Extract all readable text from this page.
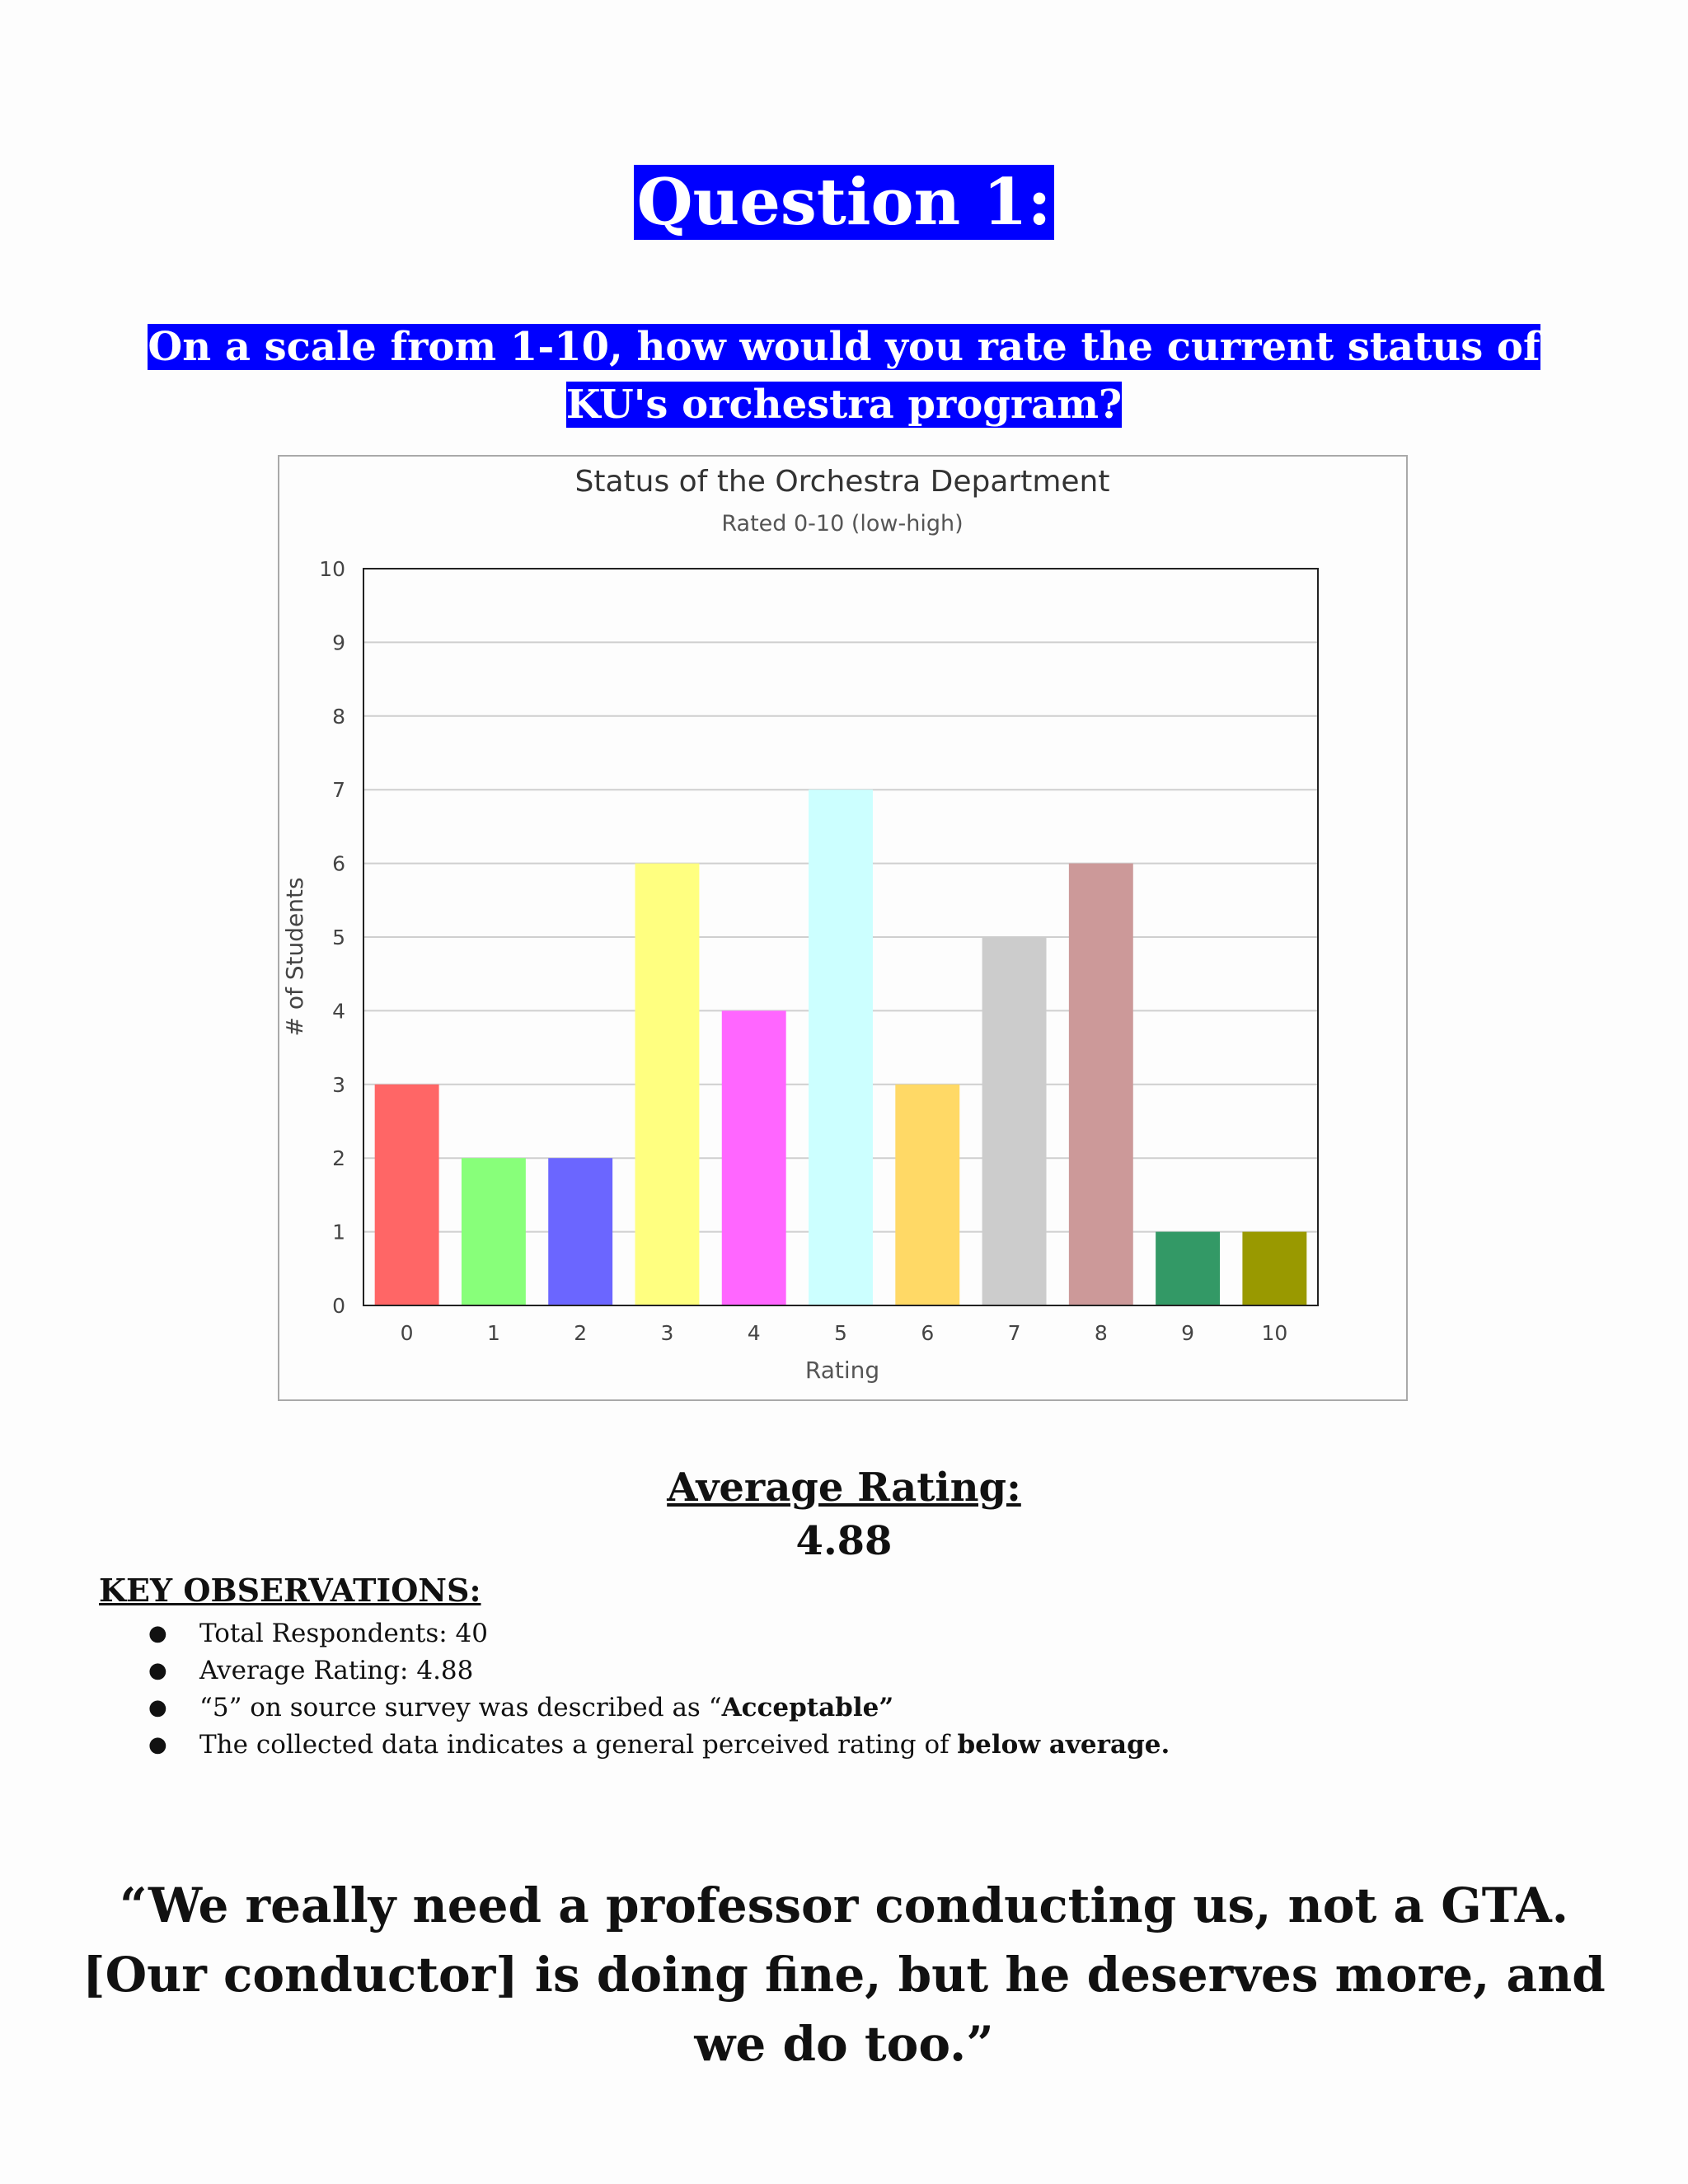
Question 1:
On a scale from 1-10, how would you rate the current status of KU's orchestra program?
Status of the Orchestra Department
Rated 0-10 (low-high)
Rating
# of Students
0
1
2
3
4
5
6
7
8
9
10
0	1	2	3	4	5	6	7	8	9	10
Average Rating:
4.88
KEY OBSERVATIONS:
● Total Respondents: 40
● Average Rating: 4.88
● “5” on source survey was described as “Acceptable”
● The collected data indicates a general perceived rating of below average.
“We really need a professor conducting us, not a GTA. [Our conductor] is doing fine, but he deserves more, and we do too.”
